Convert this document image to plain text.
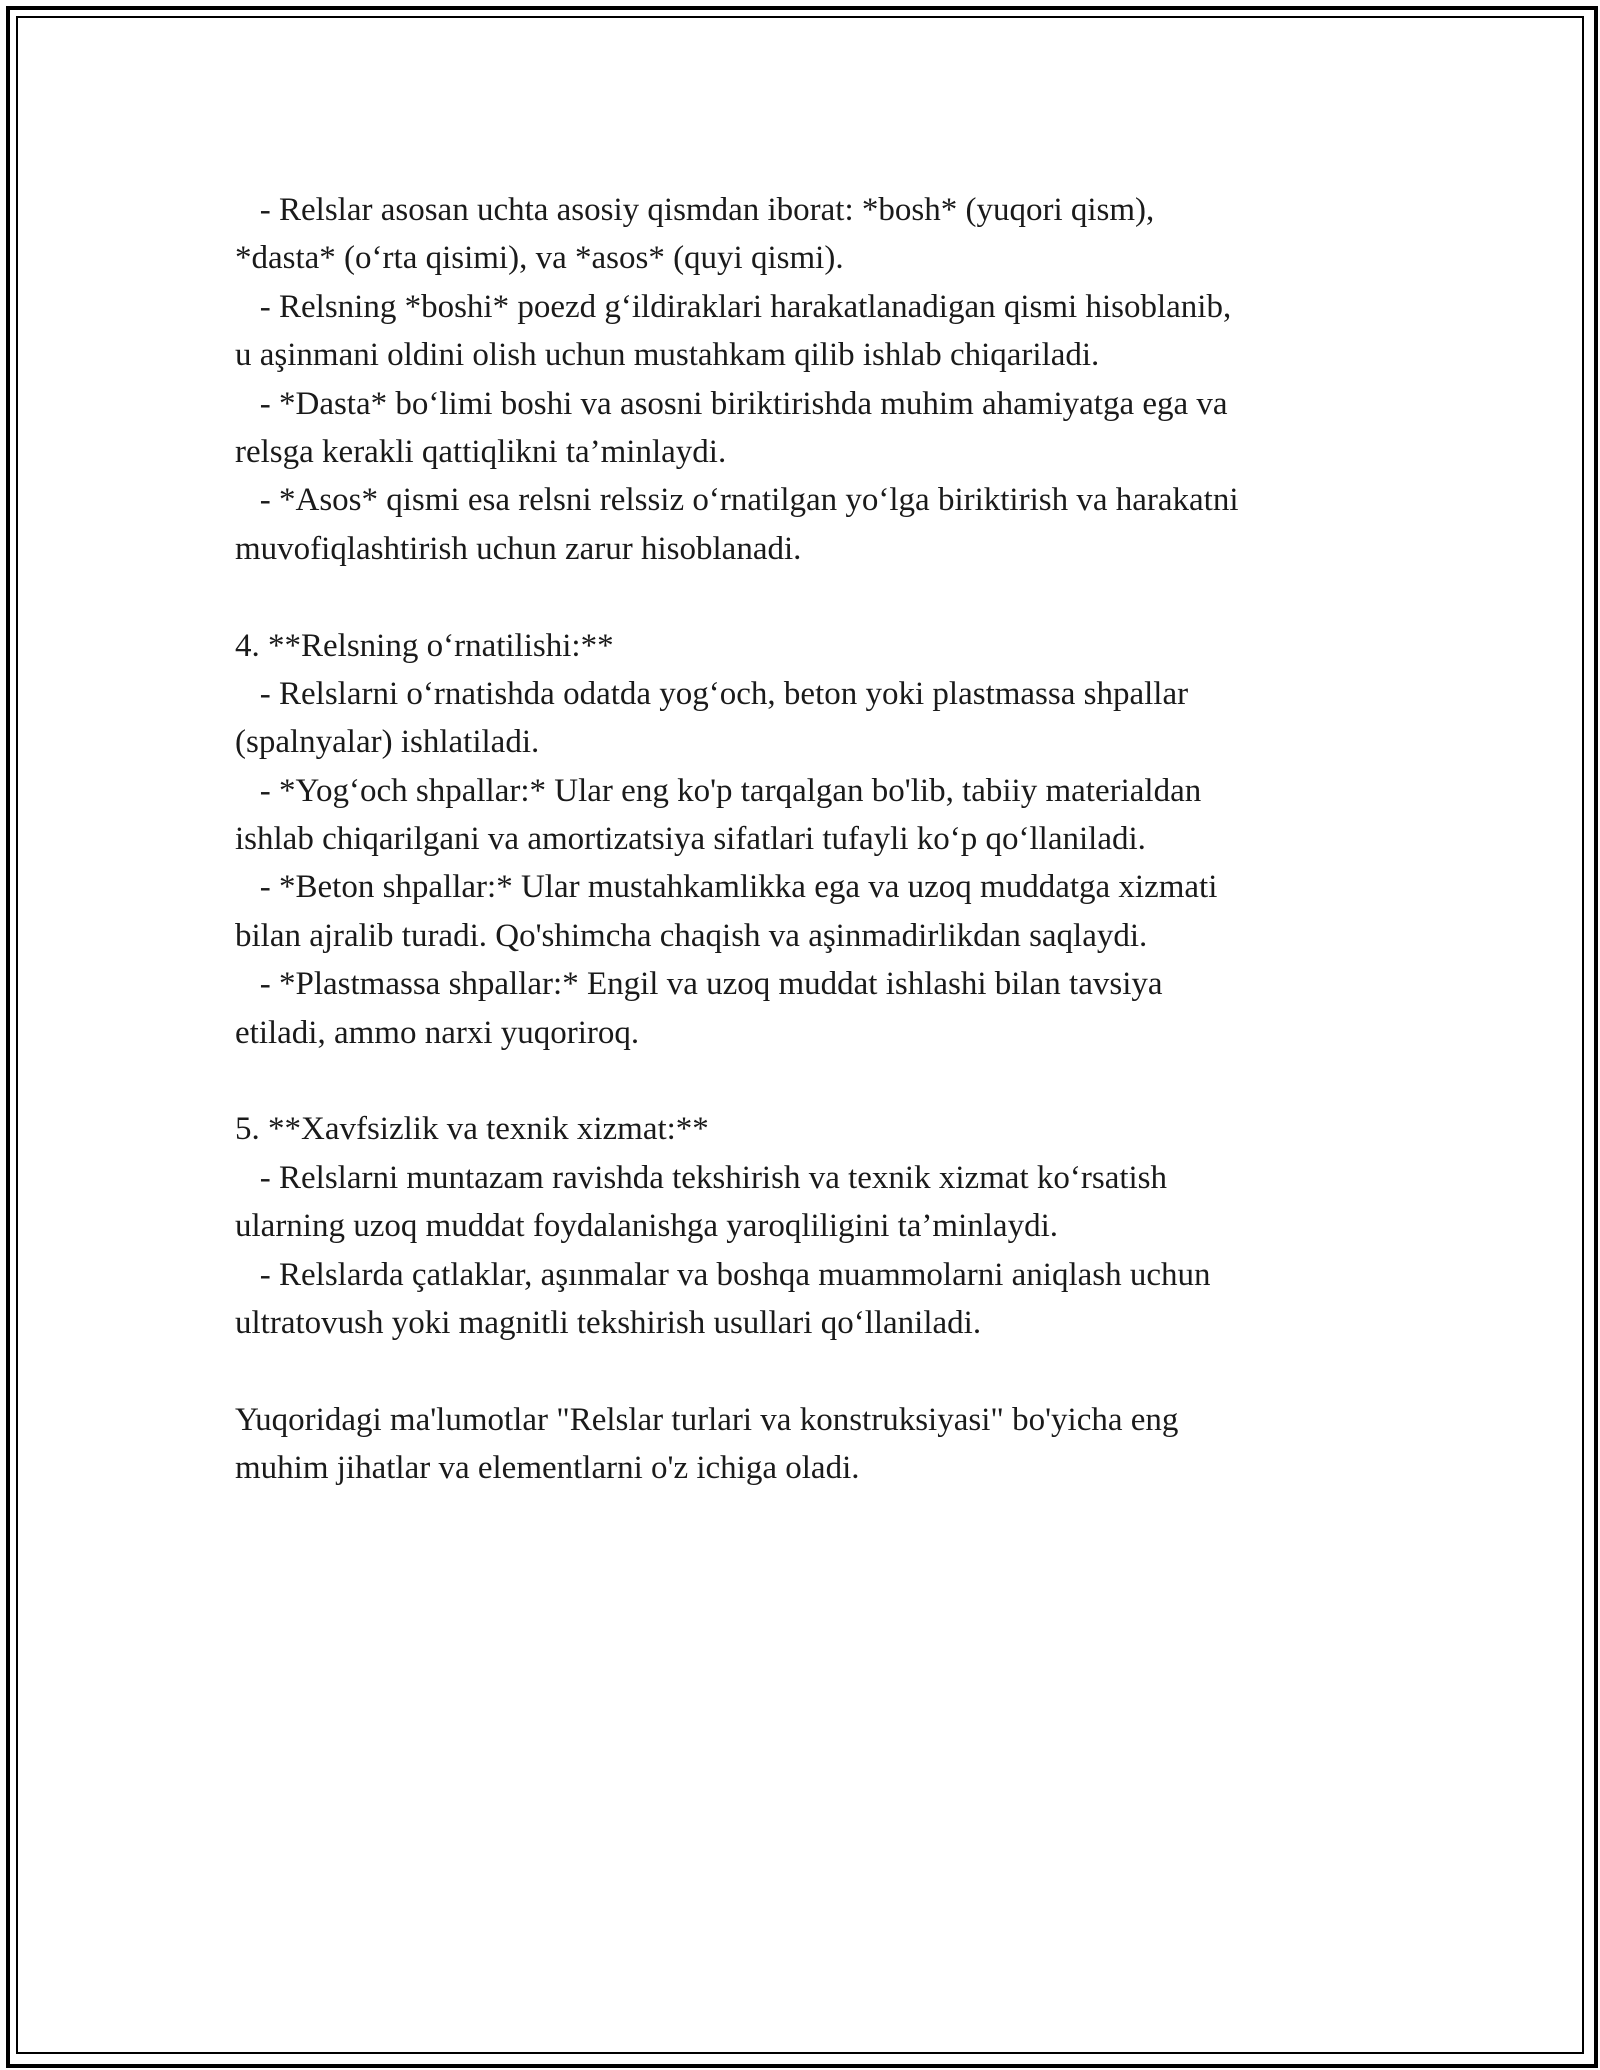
- Relslar asosan uchta asosiy qismdan iborat: *bosh* (yuqori qism),

*dasta* (o‘rta qisimi), va *asos* (quyi qismi).

- Relsning *boshi* poezd g‘ildiraklari harakatlanadigan qismi hisoblanib,

u aşinmani oldini olish uchun mustahkam qilib ishlab chiqariladi.

- *Dasta* bo‘limi boshi va asosni biriktirishda muhim ahamiyatga ega va

relsga kerakli qattiqlikni ta’minlaydi.

- *Asos* qismi esa relsni relssiz o‘rnatilgan yo‘lga biriktirish va harakatni

muvofiqlashtirish uchun zarur hisoblanadi.

4. **Relsning o‘rnatilishi:**

- Relslarni o‘rnatishda odatda yog‘och, beton yoki plastmassa shpallar

(spalnyalar) ishlatiladi.

- *Yog‘och shpallar:* Ular eng ko'p tarqalgan bo'lib, tabiiy materialdan

ishlab chiqarilgani va amortizatsiya sifatlari tufayli ko‘p qo‘llaniladi.

- *Beton shpallar:* Ular mustahkamlikka ega va uzoq muddatga xizmati

bilan ajralib turadi. Qo'shimcha chaqish va aşinmadirlikdan saqlaydi.

- *Plastmassa shpallar:* Engil va uzoq muddat ishlashi bilan tavsiya

etiladi, ammo narxi yuqoriroq.

5. **Xavfsizlik va texnik xizmat:**

- Relslarni muntazam ravishda tekshirish va texnik xizmat ko‘rsatish

ularning uzoq muddat foydalanishga yaroqliligini ta’minlaydi.

- Relslarda çatlaklar, aşınmalar va boshqa muammolarni aniqlash uchun

ultratovush yoki magnitli tekshirish usullari qo‘llaniladi.

Yuqoridagi ma'lumotlar "Relslar turlari va konstruksiyasi" bo'yicha eng

muhim jihatlar va elementlarni o'z ichiga oladi.
